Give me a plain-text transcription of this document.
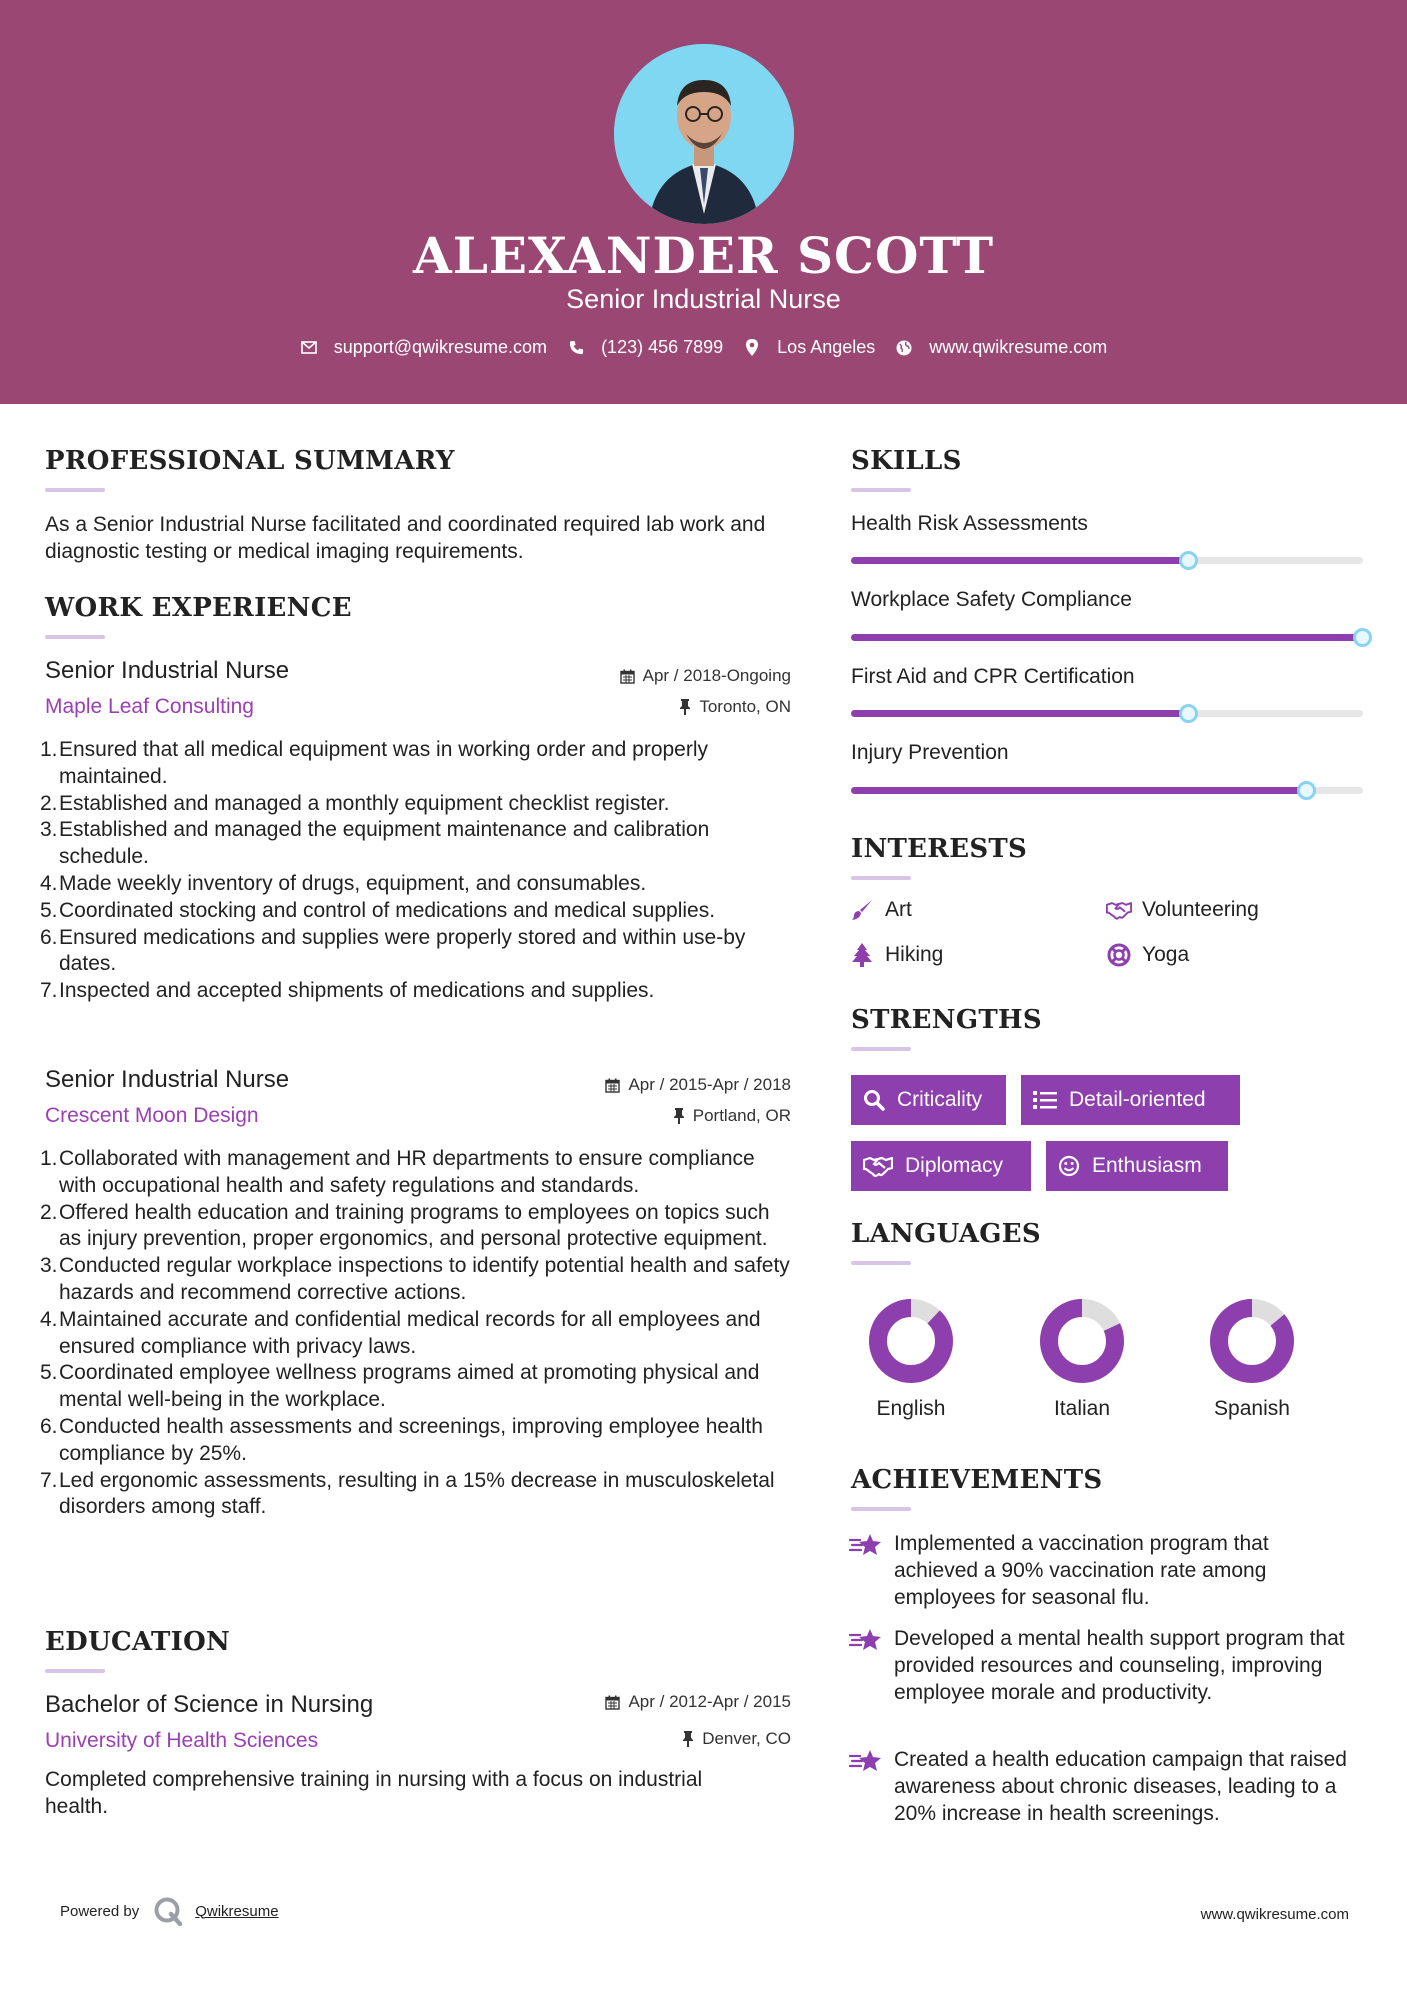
ALEXANDER SCOTT
Senior Industrial Nurse
support@qwikresume.com	(123) 456 7899	Los Angeles	www.qwikresume.com
PROFESSIONAL SUMMARY
As a Senior Industrial Nurse facilitated and coordinated required lab work and diagnostic testing or medical imaging requirements.
WORK EXPERIENCE
Senior Industrial Nurse
Maple Leaf Consulting
Apr / 2018-Ongoing
Toronto, ON
1. Ensured that all medical equipment was in working order and properly maintained.
2. Established and managed a monthly equipment checklist register.
3. Established and managed the equipment maintenance and calibration schedule.
4. Made weekly inventory of drugs, equipment, and consumables.
5. Coordinated stocking and control of medications and medical supplies.
6. Ensured medications and supplies were properly stored and within use-by dates.
7. Inspected and accepted shipments of medications and supplies.
Senior Industrial Nurse
Crescent Moon Design
Apr / 2015-Apr / 2018
Portland, OR
1. Collaborated with management and HR departments to ensure compliance with occupational health and safety regulations and standards.
2. Offered health education and training programs to employees on topics such as injury prevention, proper ergonomics, and personal protective equipment.
3. Conducted regular workplace inspections to identify potential health and safety hazards and recommend corrective actions.
4. Maintained accurate and confidential medical records for all employees and ensured compliance with privacy laws.
5. Coordinated employee wellness programs aimed at promoting physical and mental well-being in the workplace.
6. Conducted health assessments and screenings, improving employee health compliance by 25%.
7. Led ergonomic assessments, resulting in a 15% decrease in musculoskeletal disorders among staff.
EDUCATION
Bachelor of Science in Nursing
University of Health Sciences
Apr / 2012-Apr / 2015
Denver, CO
Completed comprehensive training in nursing with a focus on industrial health.
SKILLS
Health Risk Assessments
Workplace Safety Compliance
First Aid and CPR Certification
Injury Prevention
INTERESTS
Art	Volunteering
Hiking	Yoga
STRENGTHS
Criticality	Detail-oriented
Diplomacy	Enthusiasm
LANGUAGES
English	Italian	Spanish
ACHIEVEMENTS
Implemented a vaccination program that achieved a 90% vaccination rate among employees for seasonal flu.
Developed a mental health support program that provided resources and counseling, improving employee morale and productivity.
Created a health education campaign that raised awareness about chronic diseases, leading to a 20% increase in health screenings.
Powered by	Qwikresume	www.qwikresume.com
